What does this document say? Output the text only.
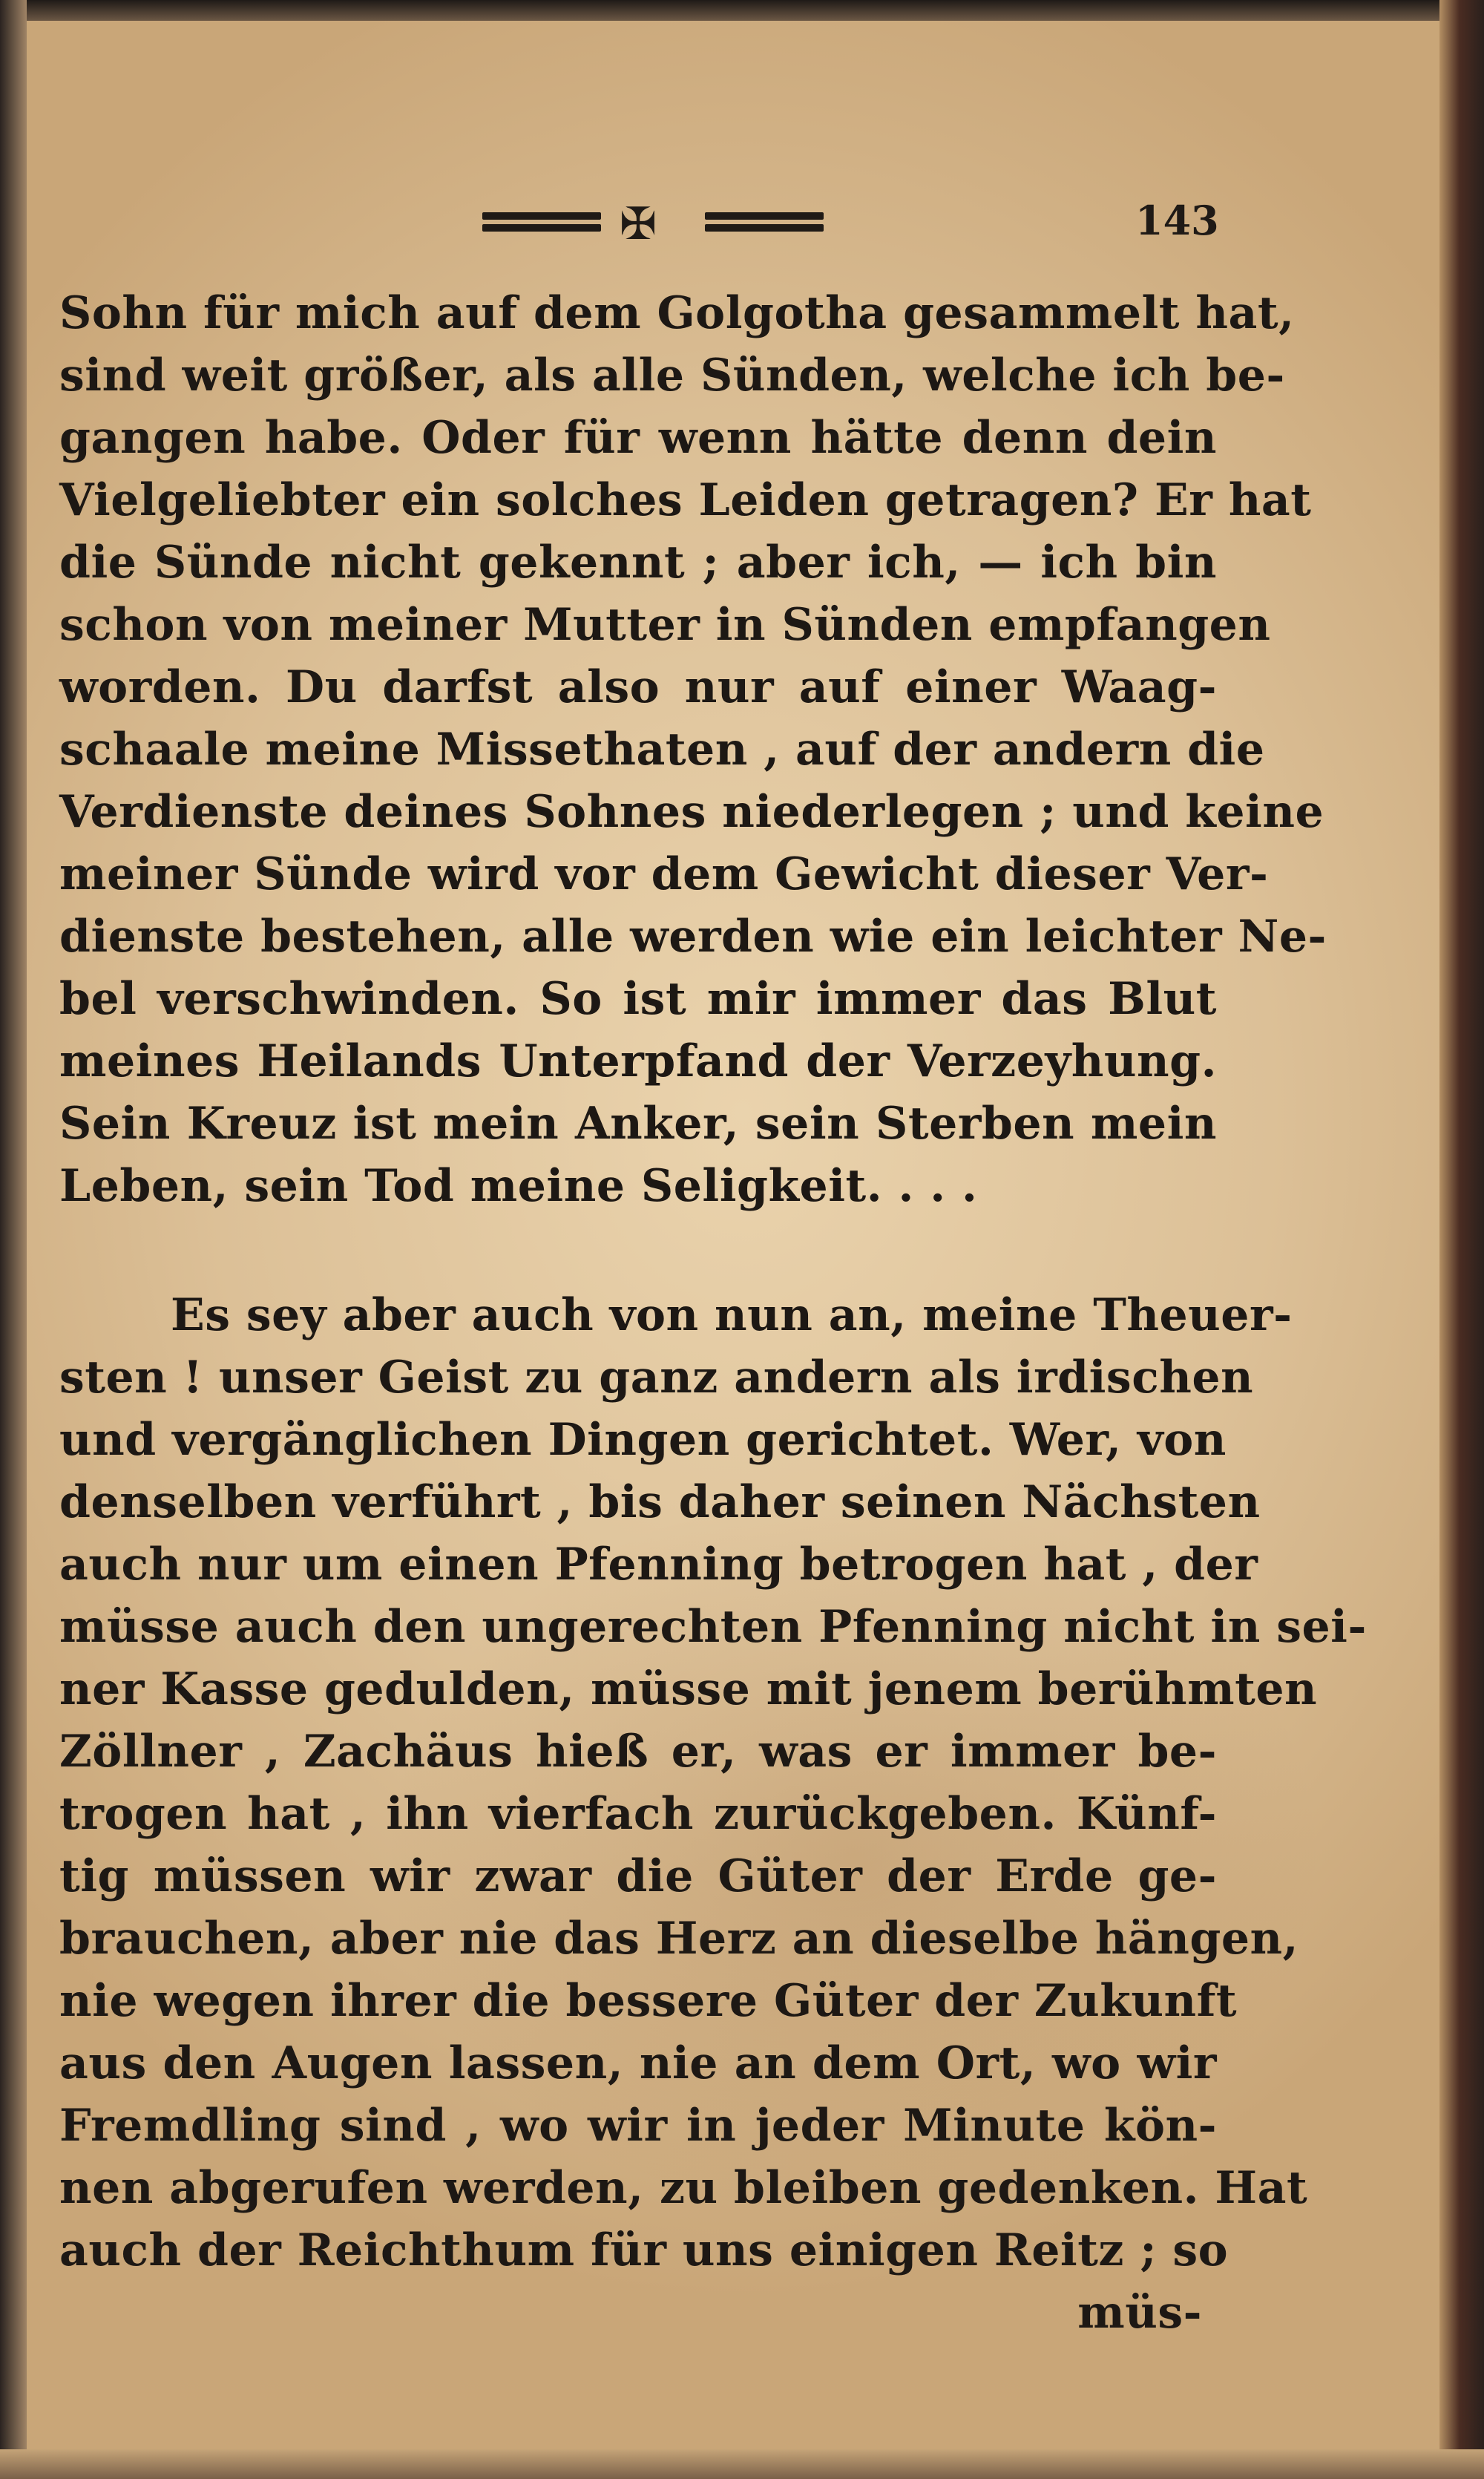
✠	143
Sohn für mich auf dem Golgotha gesammelt hat,
sind weit größer, als alle Sünden, welche ich be-
gangen habe. Oder für wenn hätte denn dein
Vielgeliebter ein solches Leiden getragen? Er hat
die Sünde nicht gekennt ; aber ich, — ich bin
schon von meiner Mutter in Sünden empfangen
worden. Du darfst also nur auf einer Waag-
schaale meine Missethaten , auf der andern die
Verdienste deines Sohnes niederlegen ; und keine
meiner Sünde wird vor dem Gewicht dieser Ver-
dienste bestehen, alle werden wie ein leichter Ne-
bel verschwinden. So ist mir immer das Blut
meines Heilands Unterpfand der Verzeyhung.
Sein Kreuz ist mein Anker, sein Sterben mein
Leben, sein Tod meine Seligkeit. . . .
Es sey aber auch von nun an, meine Theuer-
sten ! unser Geist zu ganz andern als irdischen
und vergänglichen Dingen gerichtet. Wer, von
denselben verführt , bis daher seinen Nächsten
auch nur um einen Pfenning betrogen hat , der
müsse auch den ungerechten Pfenning nicht in sei-
ner Kasse gedulden, müsse mit jenem berühmten
Zöllner , Zachäus hieß er, was er immer be-
trogen hat , ihn vierfach zurückgeben. Künf-
tig müssen wir zwar die Güter der Erde ge-
brauchen, aber nie das Herz an dieselbe hängen,
nie wegen ihrer die bessere Güter der Zukunft
aus den Augen lassen, nie an dem Ort, wo wir
Fremdling sind , wo wir in jeder Minute kön-
nen abgerufen werden, zu bleiben gedenken. Hat
auch der Reichthum für uns einigen Reitz ; so
müs-
